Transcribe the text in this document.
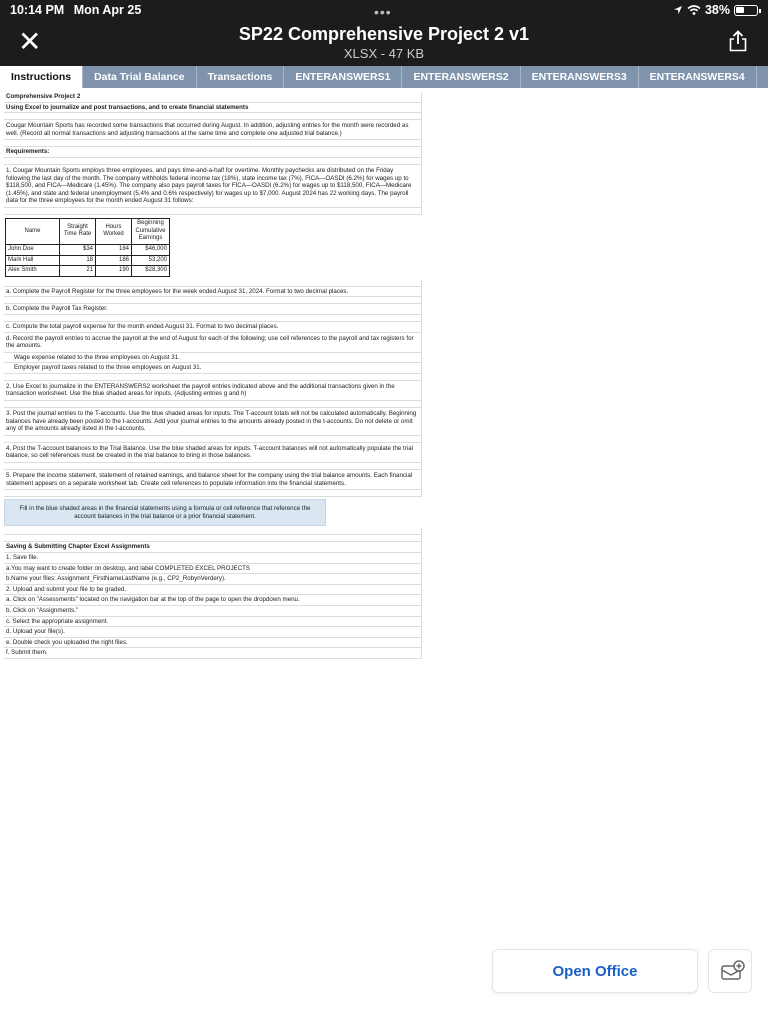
10:14 PM Mon Apr 25	•••	38%
✕	SP22 Comprehensive Project 2 v1
XLSX - 47 KB
Instructions	Data Trial Balance	Transactions	ENTERANSWERS1	ENTERANSWERS2	ENTERANSWERS3	ENTERANSWERS4
Comprehensive Project 2
Using Excel to journalize and post transactions, and to create financial statements
Cougar Mountain Sports has recorded some transactions that occurred during August. In addition, adjusting entries for the month were recorded as well. (Record all normal transactions and adjusting transactions at the same time and complete one adjusted trial balance.)
Requirements:
1. Cougar Mountain Sports employs three employees, and pays time-and-a-half for overtime. Monthly paychecks are distributed on the Friday following the last day of the month. The company withholds federal income tax (18%), state income tax (7%), FICA—OASDI (6.2%) for wages up to $118,500, and FICA—Medicare (1.45%). The company also pays payroll taxes for FICA—OASDI (6.2%) for wages up to $118,500, FICA—Medicare (1.45%), and state and federal unemployment (5.4% and 0.6% respectively) for wages up to $7,000. August 2024 has 22 working days. The payroll data for the three employees for the month ended August 31 follows:
Name	Straight Time Rate	Hours Worked	Beginning Cumulative Earnings
John Doe	$34	184	$46,000
Mark Hall	18	186	53,200
Alex Smith	21	190	$28,300
a. Complete the Payroll Register for the three employees for the week ended August 31, 2024. Format to two decimal places.
b. Complete the Payroll Tax Register.
c. Compute the total payroll expense for the month ended August 31. Format to two decimal places.
d. Record the payroll entries to accrue the payroll at the end of August for each of the following; use cell references to the payroll and tax registers for the amounts.
Wage expense related to the three employees on August 31.
Employer payroll taxes related to the three employees on August 31.
2. Use Excel to journalize in the ENTERANSWERS2 worksheet the payroll entries indicated above and the additional transactions given in the transaction worksheet. Use the blue shaded areas for inputs. (Adjusting entries g and h)
3. Post the journal entries to the T-accounts. Use the blue shaded areas for inputs. The T-account totals will not be calculated automatically. Beginning balances have already been posted to the t-accounts. Add your journal entries to the amounts already posted in the t-accounts. Do not delete or omit any of the amounts already listed in the t-accounts.
4. Post the T-account balances to the Trial Balance. Use the blue shaded areas for inputs. T-account balances will not automatically populate the trial balance, so cell references must be created in the trial balance to bring in those balances.
5. Prepare the income statement, statement of retained earnings, and balance sheet for the company using the trial balance amounts. Each financial statement appears on a separate worksheet tab. Create cell references to populate information into the financial statements.
Fill in the blue shaded areas in the financial statements using a formula or cell reference that reference the account balances in the trial balance or a prior financial statement.
Saving & Submitting Chapter Excel Assignments
1. Save file.
a.You may want to create folder on desktop, and label COMPLETED EXCEL PROJECTS
b.Name your files: Assignment_FirstNameLastName (e.g., CP2_RobynVerdery).
2. Upload and submit your file to be graded.
a. Click on "Assessments" located on the navigation bar at the top of the page to open the dropdown menu.
b. Click on "Assignments."
c. Select the appropriate assignment.
d. Upload your file(s).
e. Double check you uploaded the right files.
f. Submit them.
Open Office
